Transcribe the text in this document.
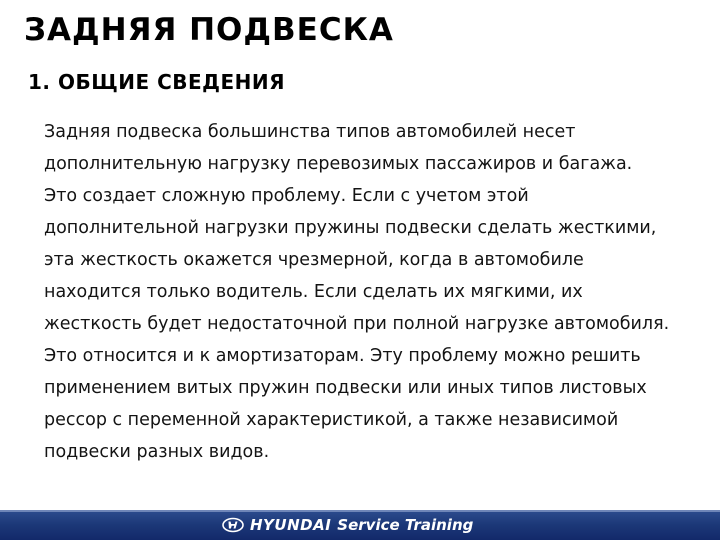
ЗАДНЯЯ ПОДВЕСКА
1. ОБЩИЕ СВЕДЕНИЯ

Задняя подвеска большинства типов автомобилей несет дополнительную нагрузку перевозимых пассажиров и багажа.

Это создает сложную проблему. Если с учетом этой дополнительной нагрузки пружины подвески сделать жесткими, эта жесткость окажется чрезмерной, когда в автомобиле находится только водитель. Если сделать их мягкими, их жесткость будет недостаточной при полной нагрузке автомобиля.

Это относится и к амортизаторам. Эту проблему можно решить применением витых пружин подвески или иных типов листовых рессор с переменной характеристикой, а также независимой подвески разных видов.

HYUNDAI Service Training
